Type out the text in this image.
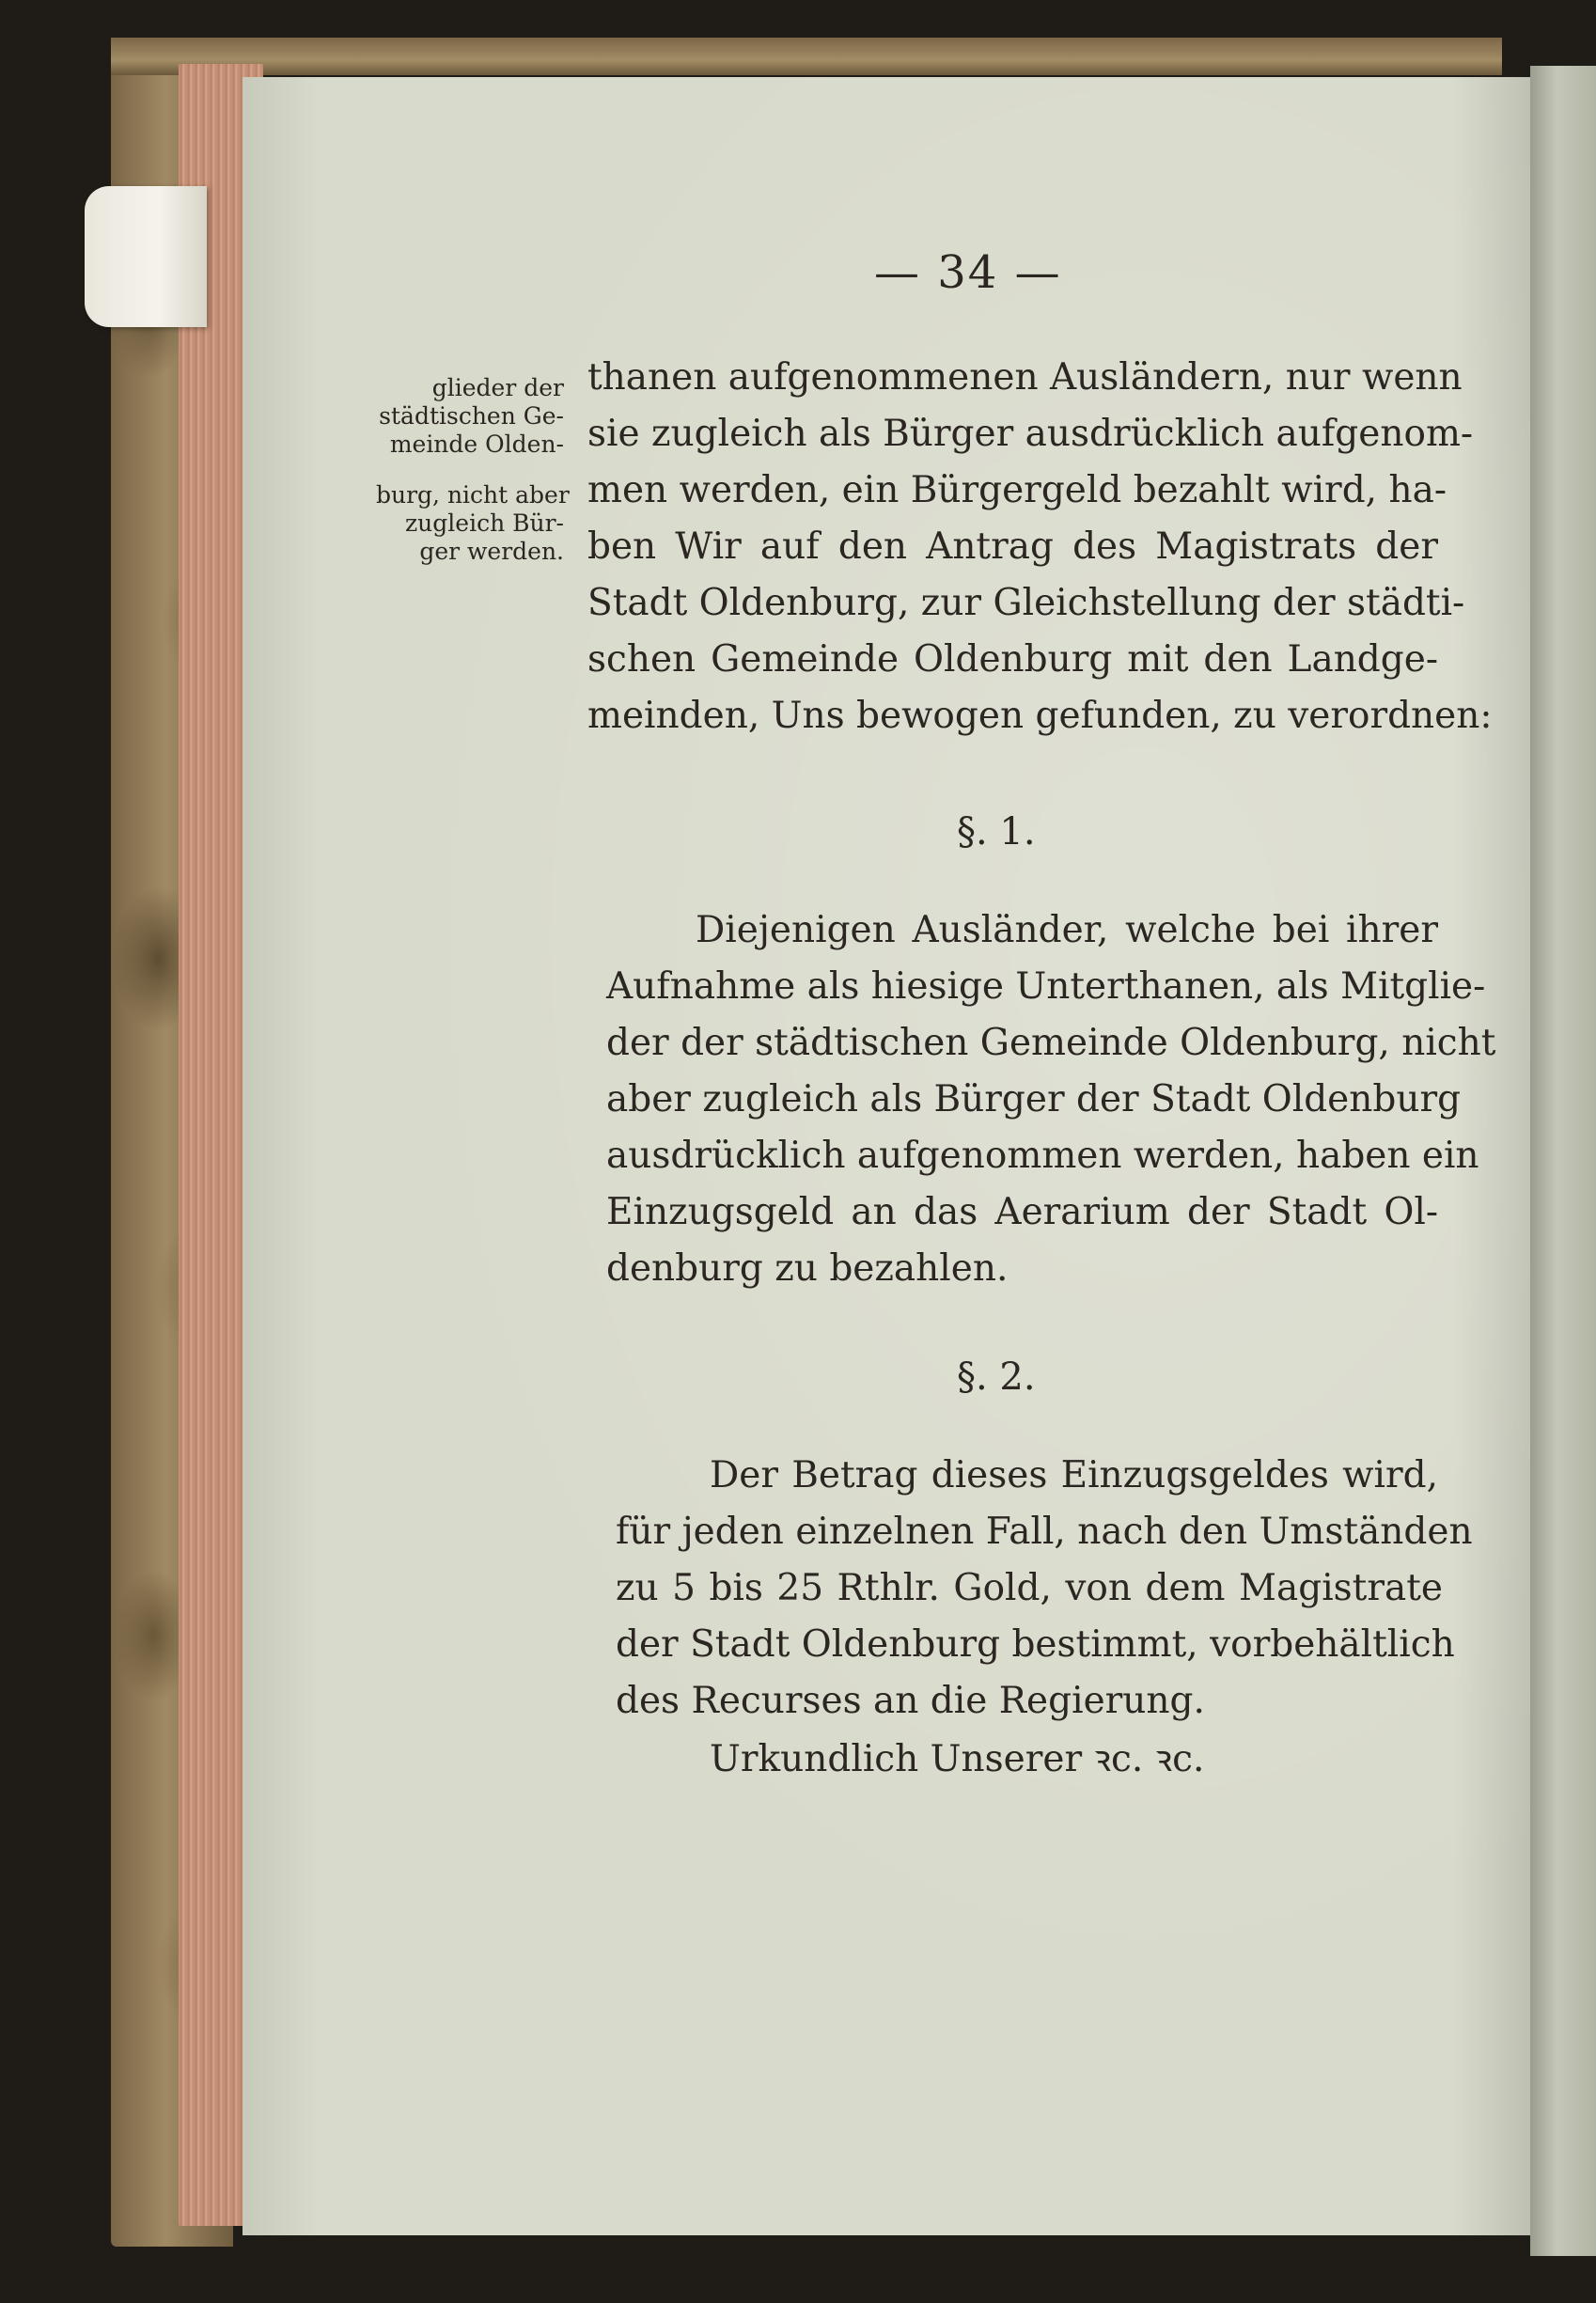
— 34 —
glieder der
städtischen Ge-
meinde Olden-
burg, nicht aber
zugleich Bür-
ger werden.
thanen aufgenommenen Ausländern, nur wenn
sie zugleich als Bürger ausdrücklich aufgenom-
men werden, ein Bürgergeld bezahlt wird, ha-
ben Wir auf den Antrag des Magistrats der
Stadt Oldenburg, zur Gleichstellung der städti-
schen Gemeinde Oldenburg mit den Landge-
meinden, Uns bewogen gefunden, zu verordnen:
§. 1.
Diejenigen Ausländer, welche bei ihrer
Aufnahme als hiesige Unterthanen, als Mitglie-
der der städtischen Gemeinde Oldenburg, nicht
aber zugleich als Bürger der Stadt Oldenburg
ausdrücklich aufgenommen werden, haben ein
Einzugsgeld an das Aerarium der Stadt Ol-
denburg zu bezahlen.
§. 2.
Der Betrag dieses Einzugsgeldes wird,
für jeden einzelnen Fall, nach den Umständen
zu 5 bis 25 Rthlr. Gold, von dem Magistrate
der Stadt Oldenburg bestimmt, vorbehältlich
des Recurses an die Regierung.
Urkundlich Unserer ꝛc. ꝛc.
